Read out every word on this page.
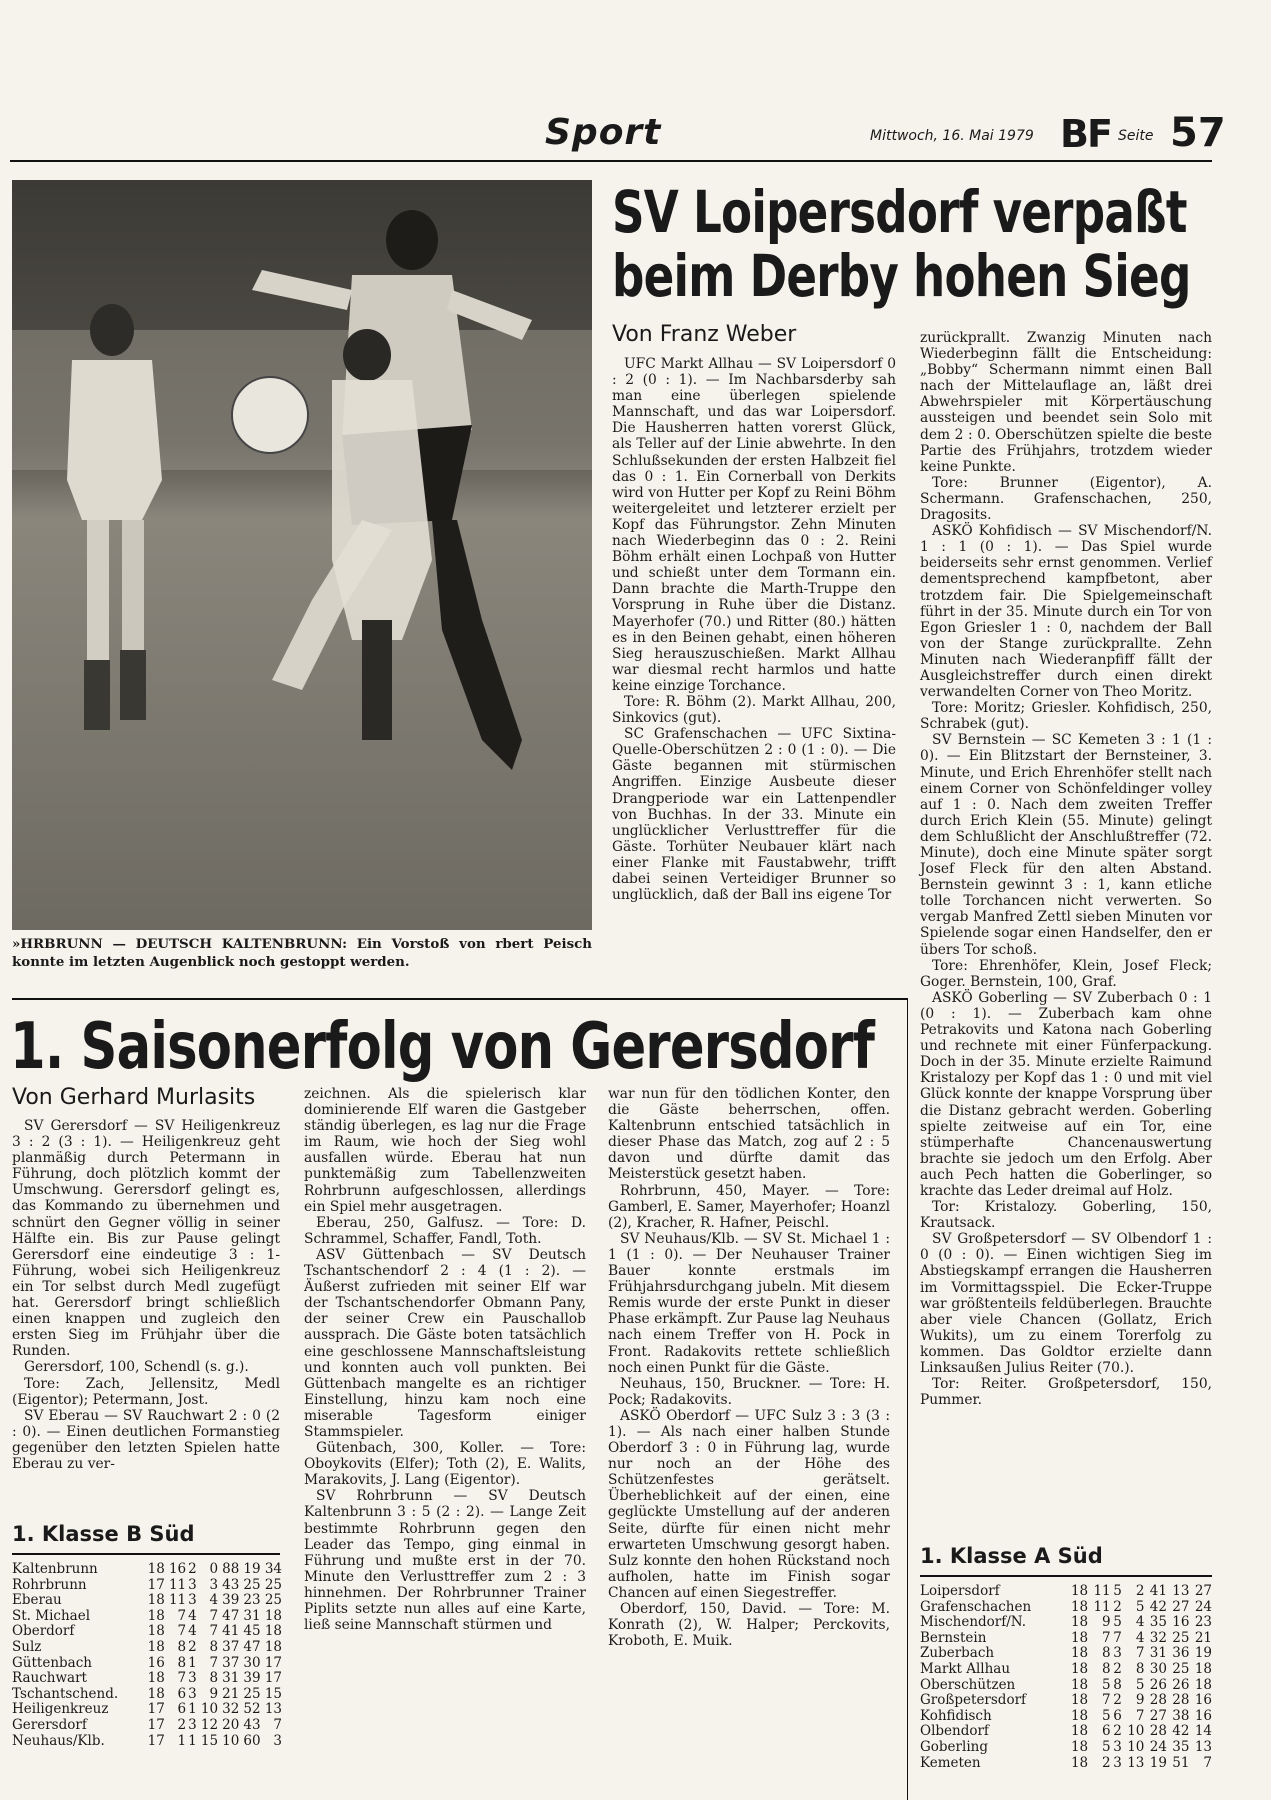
Sport	Mittwoch, 16. Mai 1979 BF Seite 57
»HRBRUNN — DEUTSCH KALTENBRUNN: Ein Vorstoß von rbert Peisch konnte im letzten Augenblick noch gestoppt werden.
SV Loipersdorf verpaßt
beim Derby hohen Sieg
Von Franz Weber

UFC Markt Allhau — SV Loipersdorf 0 : 2 (0 : 1). — Im Nachbarsderby sah man eine überlegen spielende Mannschaft, und das war Loipersdorf. Die Hausherren hatten vorerst Glück, als Teller auf der Linie abwehrte. In den Schlußsekunden der ersten Halbzeit fiel das 0 : 1. Ein Cornerball von Derkits wird von Hutter per Kopf zu Reini Böhm weitergeleitet und letzterer erzielt per Kopf das Führungstor. Zehn Minuten nach Wiederbeginn das 0 : 2. Reini Böhm erhält einen Lochpaß von Hutter und schießt unter dem Tormann ein. Dann brachte die Marth-Truppe den Vorsprung in Ruhe über die Distanz. Mayerhofer (70.) und Ritter (80.) hätten es in den Beinen gehabt, einen höheren Sieg herauszuschießen. Markt Allhau war diesmal recht harmlos und hatte keine einzige Torchance.

Tore: R. Böhm (2). Markt Allhau, 200, Sinkovics (gut).

SC Grafenschachen — UFC Sixtina-Quelle-Oberschützen 2 : 0 (1 : 0). — Die Gäste begannen mit stürmischen Angriffen. Einzige Ausbeute dieser Drangperiode war ein Lattenpendler von Buchhas. In der 33. Minute ein unglücklicher Verlusttreffer für die Gäste. Torhüter Neubauer klärt nach einer Flanke mit Faustabwehr, trifft dabei seinen Verteidiger Brunner so unglücklich, daß der Ball ins eigene Tor

zurückprallt. Zwanzig Minuten nach Wiederbeginn fällt die Entscheidung: „Bobby“ Schermann nimmt einen Ball nach der Mittelauflage an, läßt drei Abwehrspieler mit Körpertäuschung aussteigen und beendet sein Solo mit dem 2 : 0. Oberschützen spielte die beste Partie des Frühjahrs, trotzdem wieder keine Punkte.

Tore: Brunner (Eigentor), A. Schermann. Grafenschachen, 250, Dragosits.

ASKÖ Kohfidisch — SV Mischendorf/N. 1 : 1 (0 : 1). — Das Spiel wurde beiderseits sehr ernst genommen. Verlief dementsprechend kampfbetont, aber trotzdem fair. Die Spielgemeinschaft führt in der 35. Minute durch ein Tor von Egon Griesler 1 : 0, nachdem der Ball von der Stange zurückprallte. Zehn Minuten nach Wiederanpfiff fällt der Ausgleichstreffer durch einen direkt verwandelten Corner von Theo Moritz.

Tore: Moritz; Griesler. Kohfidisch, 250, Schrabek (gut).

SV Bernstein — SC Kemeten 3 : 1 (1 : 0). — Ein Blitzstart der Bernsteiner, 3. Minute, und Erich Ehrenhöfer stellt nach einem Corner von Schönfeldinger volley auf 1 : 0. Nach dem zweiten Treffer durch Erich Klein (55. Minute) gelingt dem Schlußlicht der Anschlußtreffer (72. Minute), doch eine Minute später sorgt Josef Fleck für den alten Abstand. Bernstein gewinnt 3 : 1, kann etliche tolle Torchancen nicht verwerten. So vergab Manfred Zettl sieben Minuten vor Spielende sogar einen Handselfer, den er übers Tor schoß.

Tore: Ehrenhöfer, Klein, Josef Fleck; Goger. Bernstein, 100, Graf.

ASKÖ Goberling — SV Zuberbach 0 : 1 (0 : 1). — Zuberbach kam ohne Petrakovits und Katona nach Goberling und rechnete mit einer Fünferpackung. Doch in der 35. Minute erzielte Raimund Kristalozy per Kopf das 1 : 0 und mit viel Glück konnte der knappe Vorsprung über die Distanz gebracht werden. Goberling spielte zeitweise auf ein Tor, eine stümperhafte Chancenauswertung brachte sie jedoch um den Erfolg. Aber auch Pech hatten die Goberlinger, so krachte das Leder dreimal auf Holz.

Tor: Kristalozy. Goberling, 150, Krautsack.

SV Großpetersdorf — SV Olbendorf 1 : 0 (0 : 0). — Einen wichtigen Sieg im Abstiegskampf errangen die Hausherren im Vormittagsspiel. Die Ecker-Truppe war größtenteils feldüberlegen. Brauchte aber viele Chancen (Gollatz, Erich Wukits), um zu einem Torerfolg zu kommen. Das Goldtor erzielte dann Linksaußen Julius Reiter (70.).

Tor: Reiter. Großpetersdorf, 150, Pummer.

1. Klasse A Süd
Loipersdorf	18	11	5	2	41	13	27
Grafenschachen	18	11	2	5	42	27	24
Mischendorf/N.	18	9	5	4	35	16	23
Bernstein	18	7	7	4	32	25	21
Zuberbach	18	8	3	7	31	36	19
Markt Allhau	18	8	2	8	30	25	18
Oberschützen	18	5	8	5	26	26	18
Großpetersdorf	18	7	2	9	28	28	16
Kohfidisch	18	5	6	7	27	38	16
Olbendorf	18	6	2	10	28	42	14
Goberling	18	5	3	10	24	35	13
Kemeten	18	2	3	13	19	51	7
1. Saisonerfolg von Gerersdorf
Von Gerhard Murlasits

SV Gerersdorf — SV Heiligenkreuz 3 : 2 (3 : 1). — Heiligenkreuz geht planmäßig durch Petermann in Führung, doch plötzlich kommt der Umschwung. Gerersdorf gelingt es, das Kommando zu übernehmen und schnürt den Gegner völlig in seiner Hälfte ein. Bis zur Pause gelingt Gerersdorf eine eindeutige 3 : 1-Führung, wobei sich Heiligenkreuz ein Tor selbst durch Medl zugefügt hat. Gerersdorf bringt schließlich einen knappen und zugleich den ersten Sieg im Frühjahr über die Runden.

Gerersdorf, 100, Schendl (s. g.).

Tore: Zach, Jellensitz, Medl (Eigentor); Petermann, Jost.

SV Eberau — SV Rauchwart 2 : 0 (2 : 0). — Einen deutlichen Formanstieg gegenüber den letzten Spielen hatte Eberau zu ver-

1. Klasse B Süd
Kaltenbrunn	18	16	2	0	88	19	34
Rohrbrunn	17	11	3	3	43	25	25
Eberau	18	11	3	4	39	23	25
St. Michael	18	7	4	7	47	31	18
Oberdorf	18	7	4	7	41	45	18
Sulz	18	8	2	8	37	47	18
Güttenbach	16	8	1	7	37	30	17
Rauchwart	18	7	3	8	31	39	17
Tschantschend.	18	6	3	9	21	25	15
Heiligenkreuz	17	6	1	10	32	52	13
Gerersdorf	17	2	3	12	20	43	7
Neuhaus/Klb.	17	1	1	15	10	60	3

zeichnen. Als die spielerisch klar dominierende Elf waren die Gastgeber ständig überlegen, es lag nur die Frage im Raum, wie hoch der Sieg wohl ausfallen würde. Eberau hat nun punktemäßig zum Tabellenzweiten Rohrbrunn aufgeschlossen, allerdings ein Spiel mehr ausgetragen.

Eberau, 250, Galfusz. — Tore: D. Schrammel, Schaffer, Fandl, Toth.

ASV Güttenbach — SV Deutsch Tschantschendorf 2 : 4 (1 : 2). — Äußerst zufrieden mit seiner Elf war der Tschantschendorfer Obmann Pany, der seiner Crew ein Pauschallob aussprach. Die Gäste boten tatsächlich eine geschlossene Mannschaftsleistung und konnten auch voll punkten. Bei Güttenbach mangelte es an richtiger Einstellung, hinzu kam noch eine miserable Tagesform einiger Stammspieler.

Gütenbach, 300, Koller. — Tore: Oboykovits (Elfer); Toth (2), E. Walits, Marakovits, J. Lang (Eigentor).

SV Rohrbrunn — SV Deutsch Kaltenbrunn 3 : 5 (2 : 2). — Lange Zeit bestimmte Rohrbrunn gegen den Leader das Tempo, ging einmal in Führung und mußte erst in der 70. Minute den Verlusttreffer zum 2 : 3 hinnehmen. Der Rohrbrunner Trainer Piplits setzte nun alles auf eine Karte, ließ seine Mannschaft stürmen und

war nun für den tödlichen Konter, den die Gäste beherrschen, offen. Kaltenbrunn entschied tatsächlich in dieser Phase das Match, zog auf 2 : 5 davon und dürfte damit das Meisterstück gesetzt haben.

Rohrbrunn, 450, Mayer. — Tore: Gamberl, E. Samer, Mayerhofer; Hoanzl (2), Kracher, R. Hafner, Peischl.

SV Neuhaus/Klb. — SV St. Michael 1 : 1 (1 : 0). — Der Neuhauser Trainer Bauer konnte erstmals im Frühjahrsdurchgang jubeln. Mit diesem Remis wurde der erste Punkt in dieser Phase erkämpft. Zur Pause lag Neuhaus nach einem Treffer von H. Pock in Front. Radakovits rettete schließlich noch einen Punkt für die Gäste.

Neuhaus, 150, Bruckner. — Tore: H. Pock; Radakovits.

ASKÖ Oberdorf — UFC Sulz 3 : 3 (3 : 1). — Als nach einer halben Stunde Oberdorf 3 : 0 in Führung lag, wurde nur noch an der Höhe des Schützenfestes gerätselt. Überheblichkeit auf der einen, eine geglückte Umstellung auf der anderen Seite, dürfte für einen nicht mehr erwarteten Umschwung gesorgt haben. Sulz konnte den hohen Rückstand noch aufholen, hatte im Finish sogar Chancen auf einen Siegestreffer.

Oberdorf, 150, David. — Tore: M. Konrath (2), W. Halper; Perckovits, Kroboth, E. Muik.
